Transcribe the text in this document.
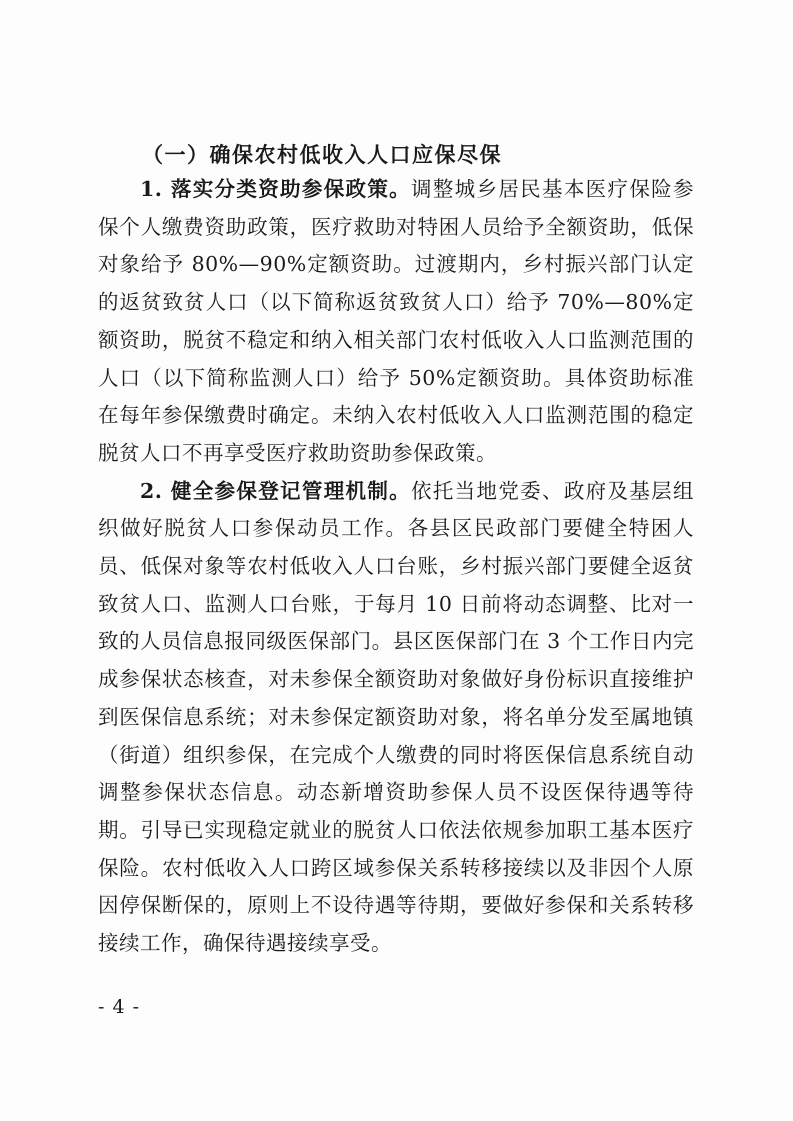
（一）确保农村低收入人口应保尽保

1. 落实分类资助参保政策。调整城乡居民基本医疗保险参保个人缴费资助政策，医疗救助对特困人员给予全额资助，低保对象给予 80%—90%定额资助。过渡期内，乡村振兴部门认定的返贫致贫人口（以下简称返贫致贫人口）给予 70%—80%定额资助，脱贫不稳定和纳入相关部门农村低收入人口监测范围的人口（以下简称监测人口）给予 50%定额资助。具体资助标准在每年参保缴费时确定。未纳入农村低收入人口监测范围的稳定脱贫人口不再享受医疗救助资助参保政策。

2. 健全参保登记管理机制。依托当地党委、政府及基层组织做好脱贫人口参保动员工作。各县区民政部门要健全特困人员、低保对象等农村低收入人口台账，乡村振兴部门要健全返贫致贫人口、监测人口台账，于每月 10 日前将动态调整、比对一致的人员信息报同级医保部门。县区医保部门在 3 个工作日内完成参保状态核查，对未参保全额资助对象做好身份标识直接维护到医保信息系统；对未参保定额资助对象，将名单分发至属地镇（街道）组织参保，在完成个人缴费的同时将医保信息系统自动调整参保状态信息。动态新增资助参保人员不设医保待遇等待期。引导已实现稳定就业的脱贫人口依法依规参加职工基本医疗保险。农村低收入人口跨区域参保关系转移接续以及非因个人原因停保断保的，原则上不设待遇等待期，要做好参保和关系转移接续工作，确保待遇接续享受。

- 4 -
